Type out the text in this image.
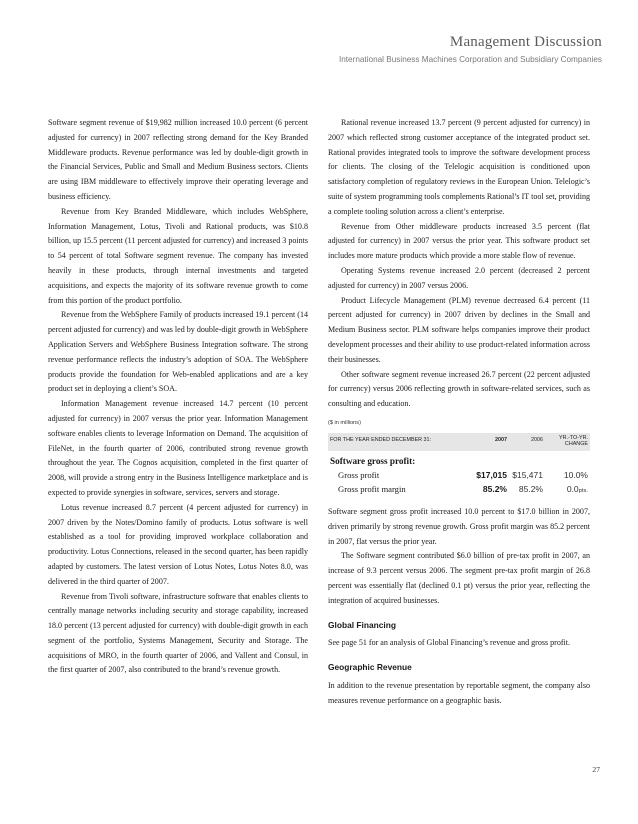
Management Discussion
International Business Machines Corporation and Subsidiary Companies

Software segment revenue of $19,982 million increased 10.0 percent (6 percent adjusted for currency) in 2007 reflecting strong demand for the Key Branded Middleware products. Revenue performance was led by double-digit growth in the Financial Services, Public and Small and Medium Business sectors. Clients are using IBM middleware to effectively improve their operating leverage and business efficiency.

Revenue from Key Branded Middleware, which includes WebSphere, Information Management, Lotus, Tivoli and Rational products, was $10.8 billion, up 15.5 percent (11 percent adjusted for currency) and increased 3 points to 54 percent of total Software segment revenue. The company has invested heavily in these products, through internal investments and targeted acquisitions, and expects the majority of its software revenue growth to come from this portion of the product portfolio.

Revenue from the WebSphere Family of products increased 19.1 percent (14 percent adjusted for currency) and was led by double-digit growth in WebSphere Application Servers and WebSphere Business Integration software. The strong revenue performance reflects the industry’s adoption of SOA. The WebSphere products provide the foundation for Web-enabled applications and are a key product set in deploying a client’s SOA.

Information Management revenue increased 14.7 percent (10 percent adjusted for currency) in 2007 versus the prior year. Information Management software enables clients to leverage Information on Demand. The acquisition of FileNet, in the fourth quarter of 2006, contributed strong revenue growth throughout the year. The Cognos acquisition, completed in the first quarter of 2008, will provide a strong entry in the Business Intelligence marketplace and is expected to provide synergies in software, services, servers and storage.

Lotus revenue increased 8.7 percent (4 percent adjusted for currency) in 2007 driven by the Notes/Domino family of products. Lotus software is well established as a tool for providing improved workplace collaboration and productivity. Lotus Connections, released in the second quarter, has been rapidly adapted by customers. The latest version of Lotus Notes, Lotus Notes 8.0, was delivered in the third quarter of 2007.

Revenue from Tivoli software, infrastructure software that enables clients to centrally manage networks including security and storage capability, increased 18.0 percent (13 percent adjusted for currency) with double-digit growth in each segment of the portfolio, Systems Management, Security and Storage. The acquisitions of MRO, in the fourth quarter of 2006, and Vallent and Consul, in the first quarter of 2007, also contributed to the brand’s revenue growth.

Rational revenue increased 13.7 percent (9 percent adjusted for currency) in 2007 which reflected strong customer acceptance of the integrated product set. Rational provides integrated tools to improve the software development process for clients. The closing of the Telelogic acquisition is conditioned upon satisfactory completion of regulatory reviews in the European Union. Telelogic’s suite of system programming tools complements Rational’s IT tool set, providing a complete tooling solution across a client’s enterprise.

Revenue from Other middleware products increased 3.5 percent (flat adjusted for currency) in 2007 versus the prior year. This software product set includes more mature products which provide a more stable flow of revenue.

Operating Systems revenue increased 2.0 percent (decreased 2 percent adjusted for currency) in 2007 versus 2006.

Product Lifecycle Management (PLM) revenue decreased 6.4 percent (11 percent adjusted for currency) in 2007 driven by declines in the Small and Medium Business sector. PLM software helps companies improve their product development processes and their ability to use product-related information across their businesses.

Other software segment revenue increased 26.7 percent (22 percent adjusted for currency) versus 2006 reflecting growth in software-related services, such as consulting and education.

($ in millions)
FOR THE YEAR ENDED DECEMBER 31:	2007	2006	YR.-TO-YR.
CHANGE
Software gross profit:
Gross profit	$17,015 $15,471 10.0%
Gross profit margin	85.2% 85.2%	0.0pts.

Software segment gross profit increased 10.0 percent to $17.0 billion in 2007, driven primarily by strong revenue growth. Gross profit margin was 85.2 percent in 2007, flat versus the prior year.

The Software segment contributed $6.0 billion of pre-tax profit in 2007, an increase of 9.3 percent versus 2006. The segment pre-tax profit margin of 26.8 percent was essentially flat (declined 0.1 pt) versus the prior year, reflecting the integration of acquired businesses.

Global Financing

See page 51 for an analysis of Global Financing’s revenue and gross profit.

Geographic Revenue

In addition to the revenue presentation by reportable segment, the company also measures revenue performance on a geographic basis.

27
